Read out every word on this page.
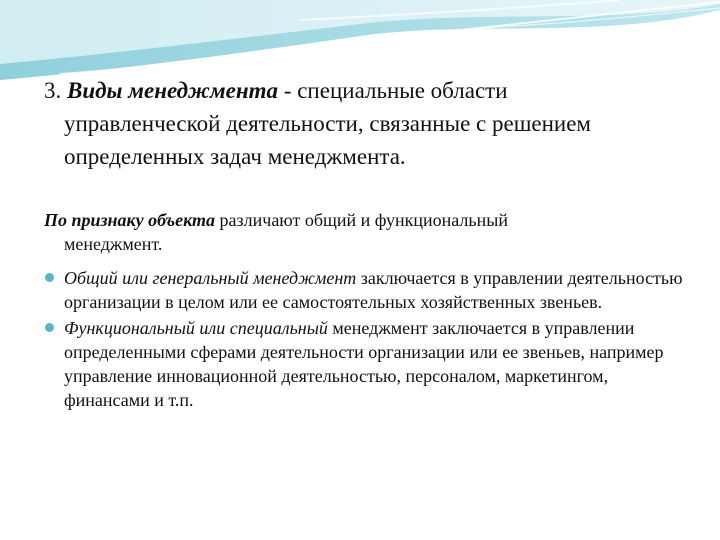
3. Виды менеджмента - специальные области
управленческой деятельности, связанные с решением
определенных задач менеджмента.
По признаку объекта различают общий и функциональный
менеджмент.
Общий или генеральный менеджмент заключается в управлении деятельностью организации в целом или ее самостоятельных хозяйственных звеньев.
Функциональный или специальный менеджмент заключается в управлении определенными сферами деятельности организации или ее звеньев, например управление инновационной деятельностью, персоналом, маркетингом, финансами и т.п.
